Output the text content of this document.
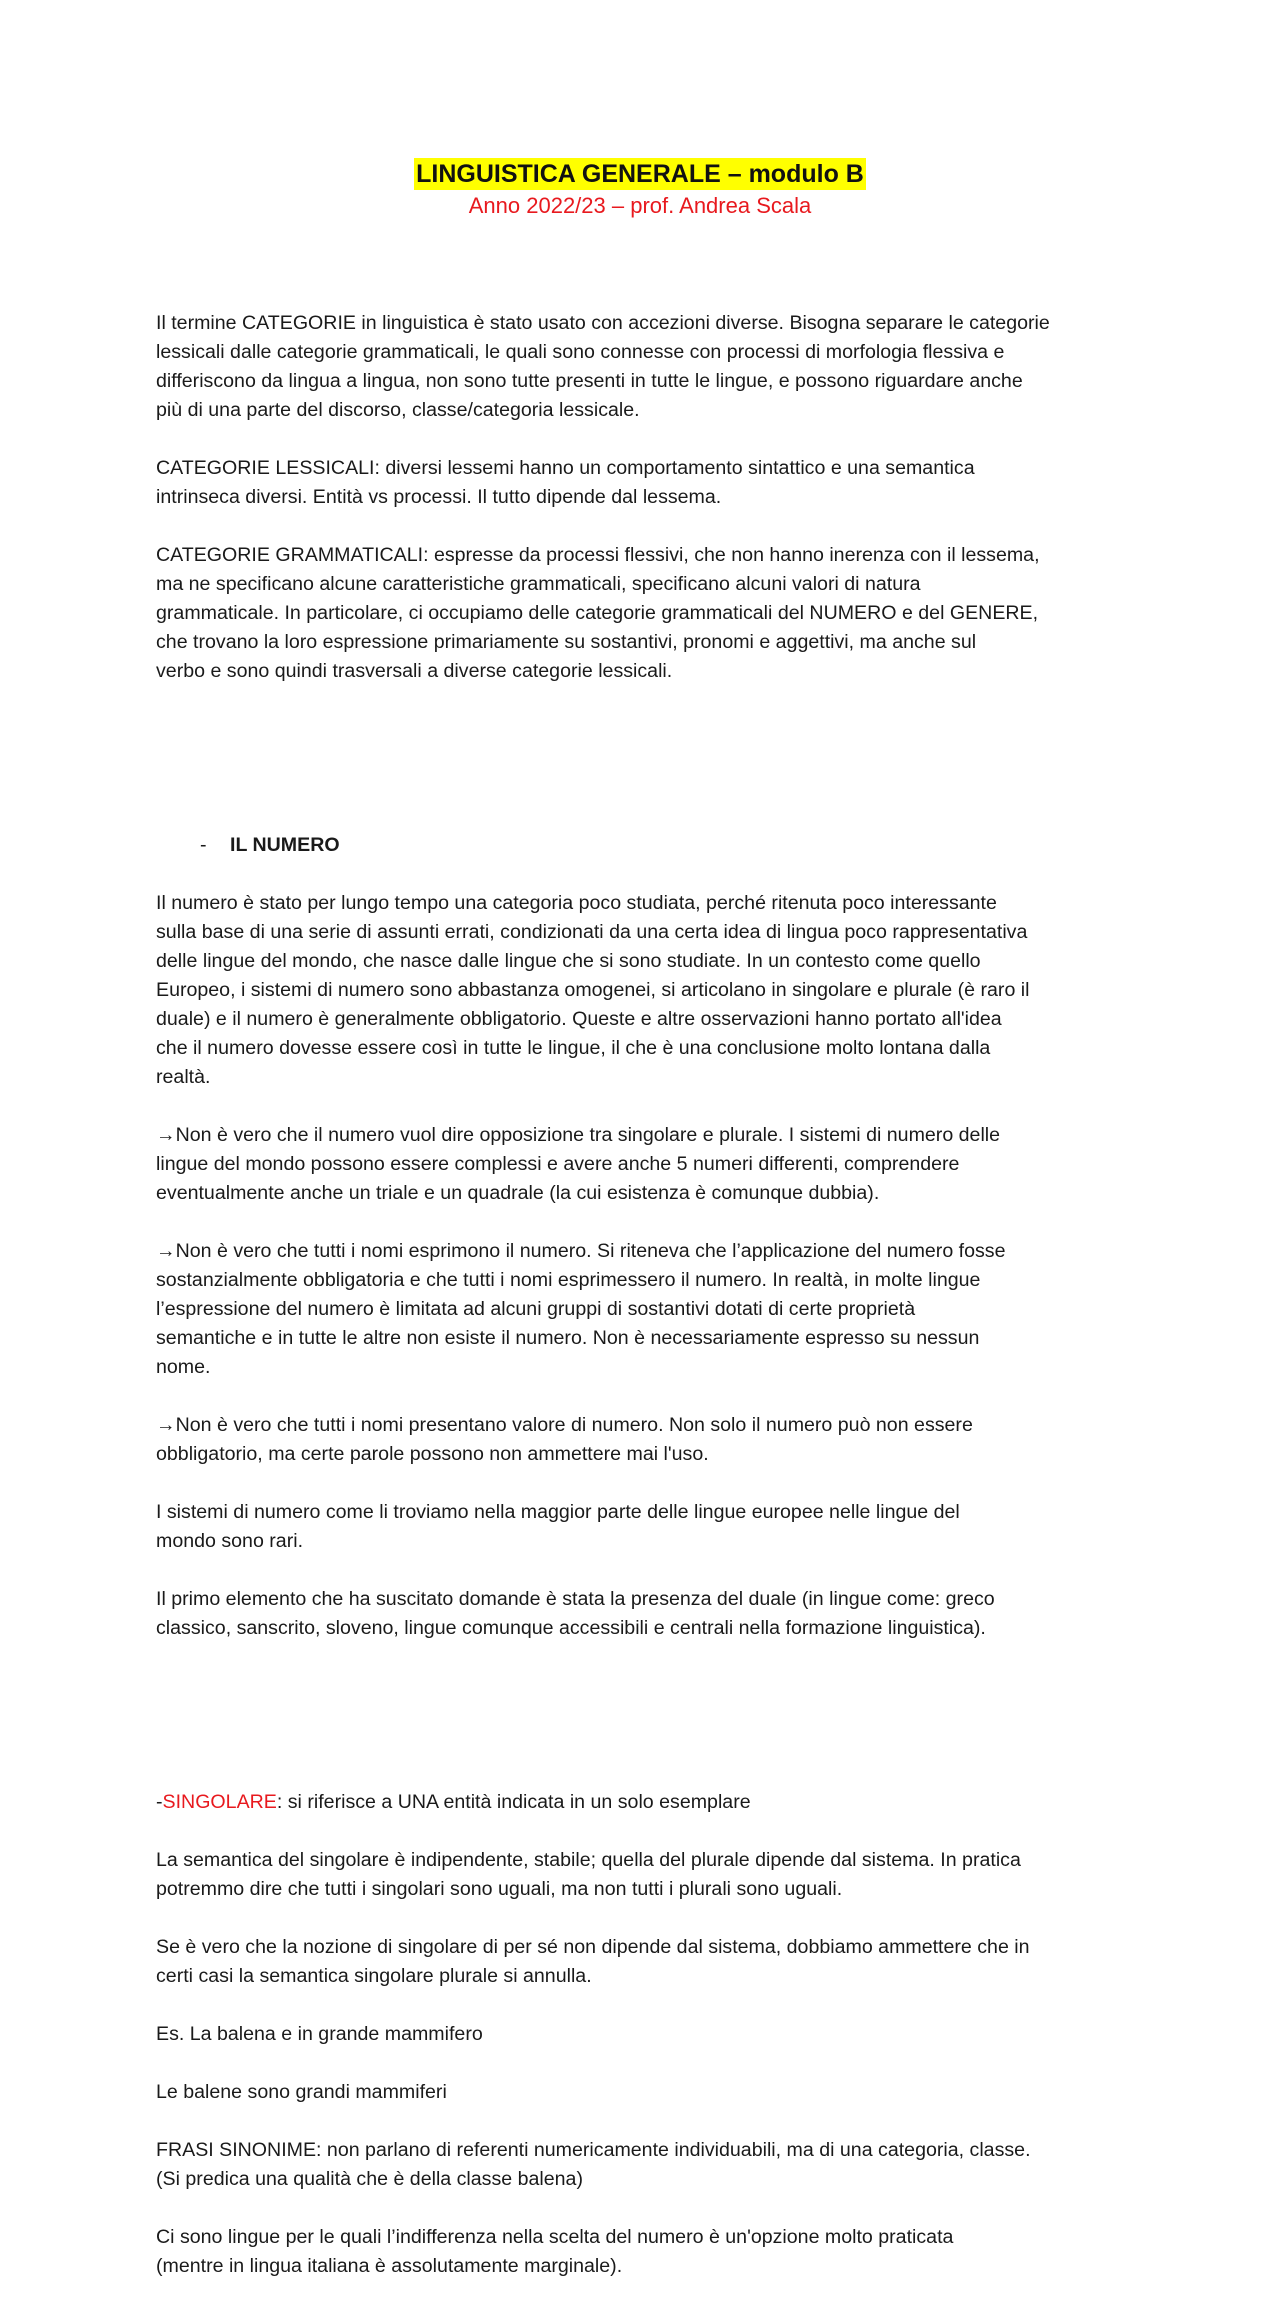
LINGUISTICA GENERALE – modulo B
Anno 2022/23 – prof. Andrea Scala

Il termine CATEGORIE in linguistica è stato usato con accezioni diverse. Bisogna separare le categorie
lessicali dalle categorie grammaticali, le quali sono connesse con processi di morfologia flessiva e
differiscono da lingua a lingua, non sono tutte presenti in tutte le lingue, e possono riguardare anche
più di una parte del discorso, classe/categoria lessicale.

CATEGORIE LESSICALI: diversi lessemi hanno un comportamento sintattico e una semantica
intrinseca diversi. Entità vs processi. Il tutto dipende dal lessema.

CATEGORIE GRAMMATICALI: espresse da processi flessivi, che non hanno inerenza con il lessema,
ma ne specificano alcune caratteristiche grammaticali, specificano alcuni valori di natura
grammaticale. In particolare, ci occupiamo delle categorie grammaticali del NUMERO e del GENERE,
che trovano la loro espressione primariamente su sostantivi, pronomi e aggettivi, ma anche sul
verbo e sono quindi trasversali a diverse categorie lessicali.

- IL NUMERO

Il numero è stato per lungo tempo una categoria poco studiata, perché ritenuta poco interessante
sulla base di una serie di assunti errati, condizionati da una certa idea di lingua poco rappresentativa
delle lingue del mondo, che nasce dalle lingue che si sono studiate. In un contesto come quello
Europeo, i sistemi di numero sono abbastanza omogenei, si articolano in singolare e plurale (è raro il
duale) e il numero è generalmente obbligatorio. Queste e altre osservazioni hanno portato all'idea
che il numero dovesse essere così in tutte le lingue, il che è una conclusione molto lontana dalla
realtà.

→Non è vero che il numero vuol dire opposizione tra singolare e plurale. I sistemi di numero delle
lingue del mondo possono essere complessi e avere anche 5 numeri differenti, comprendere
eventualmente anche un triale e un quadrale (la cui esistenza è comunque dubbia).

→Non è vero che tutti i nomi esprimono il numero. Si riteneva che l’applicazione del numero fosse
sostanzialmente obbligatoria e che tutti i nomi esprimessero il numero. In realtà, in molte lingue
l’espressione del numero è limitata ad alcuni gruppi di sostantivi dotati di certe proprietà
semantiche e in tutte le altre non esiste il numero. Non è necessariamente espresso su nessun
nome.

→Non è vero che tutti i nomi presentano valore di numero. Non solo il numero può non essere
obbligatorio, ma certe parole possono non ammettere mai l'uso.

I sistemi di numero come li troviamo nella maggior parte delle lingue europee nelle lingue del
mondo sono rari.

Il primo elemento che ha suscitato domande è stata la presenza del duale (in lingue come: greco
classico, sanscrito, sloveno, lingue comunque accessibili e centrali nella formazione linguistica).

-SINGOLARE: si riferisce a UNA entità indicata in un solo esemplare

La semantica del singolare è indipendente, stabile; quella del plurale dipende dal sistema. In pratica
potremmo dire che tutti i singolari sono uguali, ma non tutti i plurali sono uguali.

Se è vero che la nozione di singolare di per sé non dipende dal sistema, dobbiamo ammettere che in
certi casi la semantica singolare plurale si annulla.

Es. La balena e in grande mammifero

Le balene sono grandi mammiferi

FRASI SINONIME: non parlano di referenti numericamente individuabili, ma di una categoria, classe.
(Si predica una qualità che è della classe balena)

Ci sono lingue per le quali l’indifferenza nella scelta del numero è un'opzione molto praticata
(mentre in lingua italiana è assolutamente marginale).
